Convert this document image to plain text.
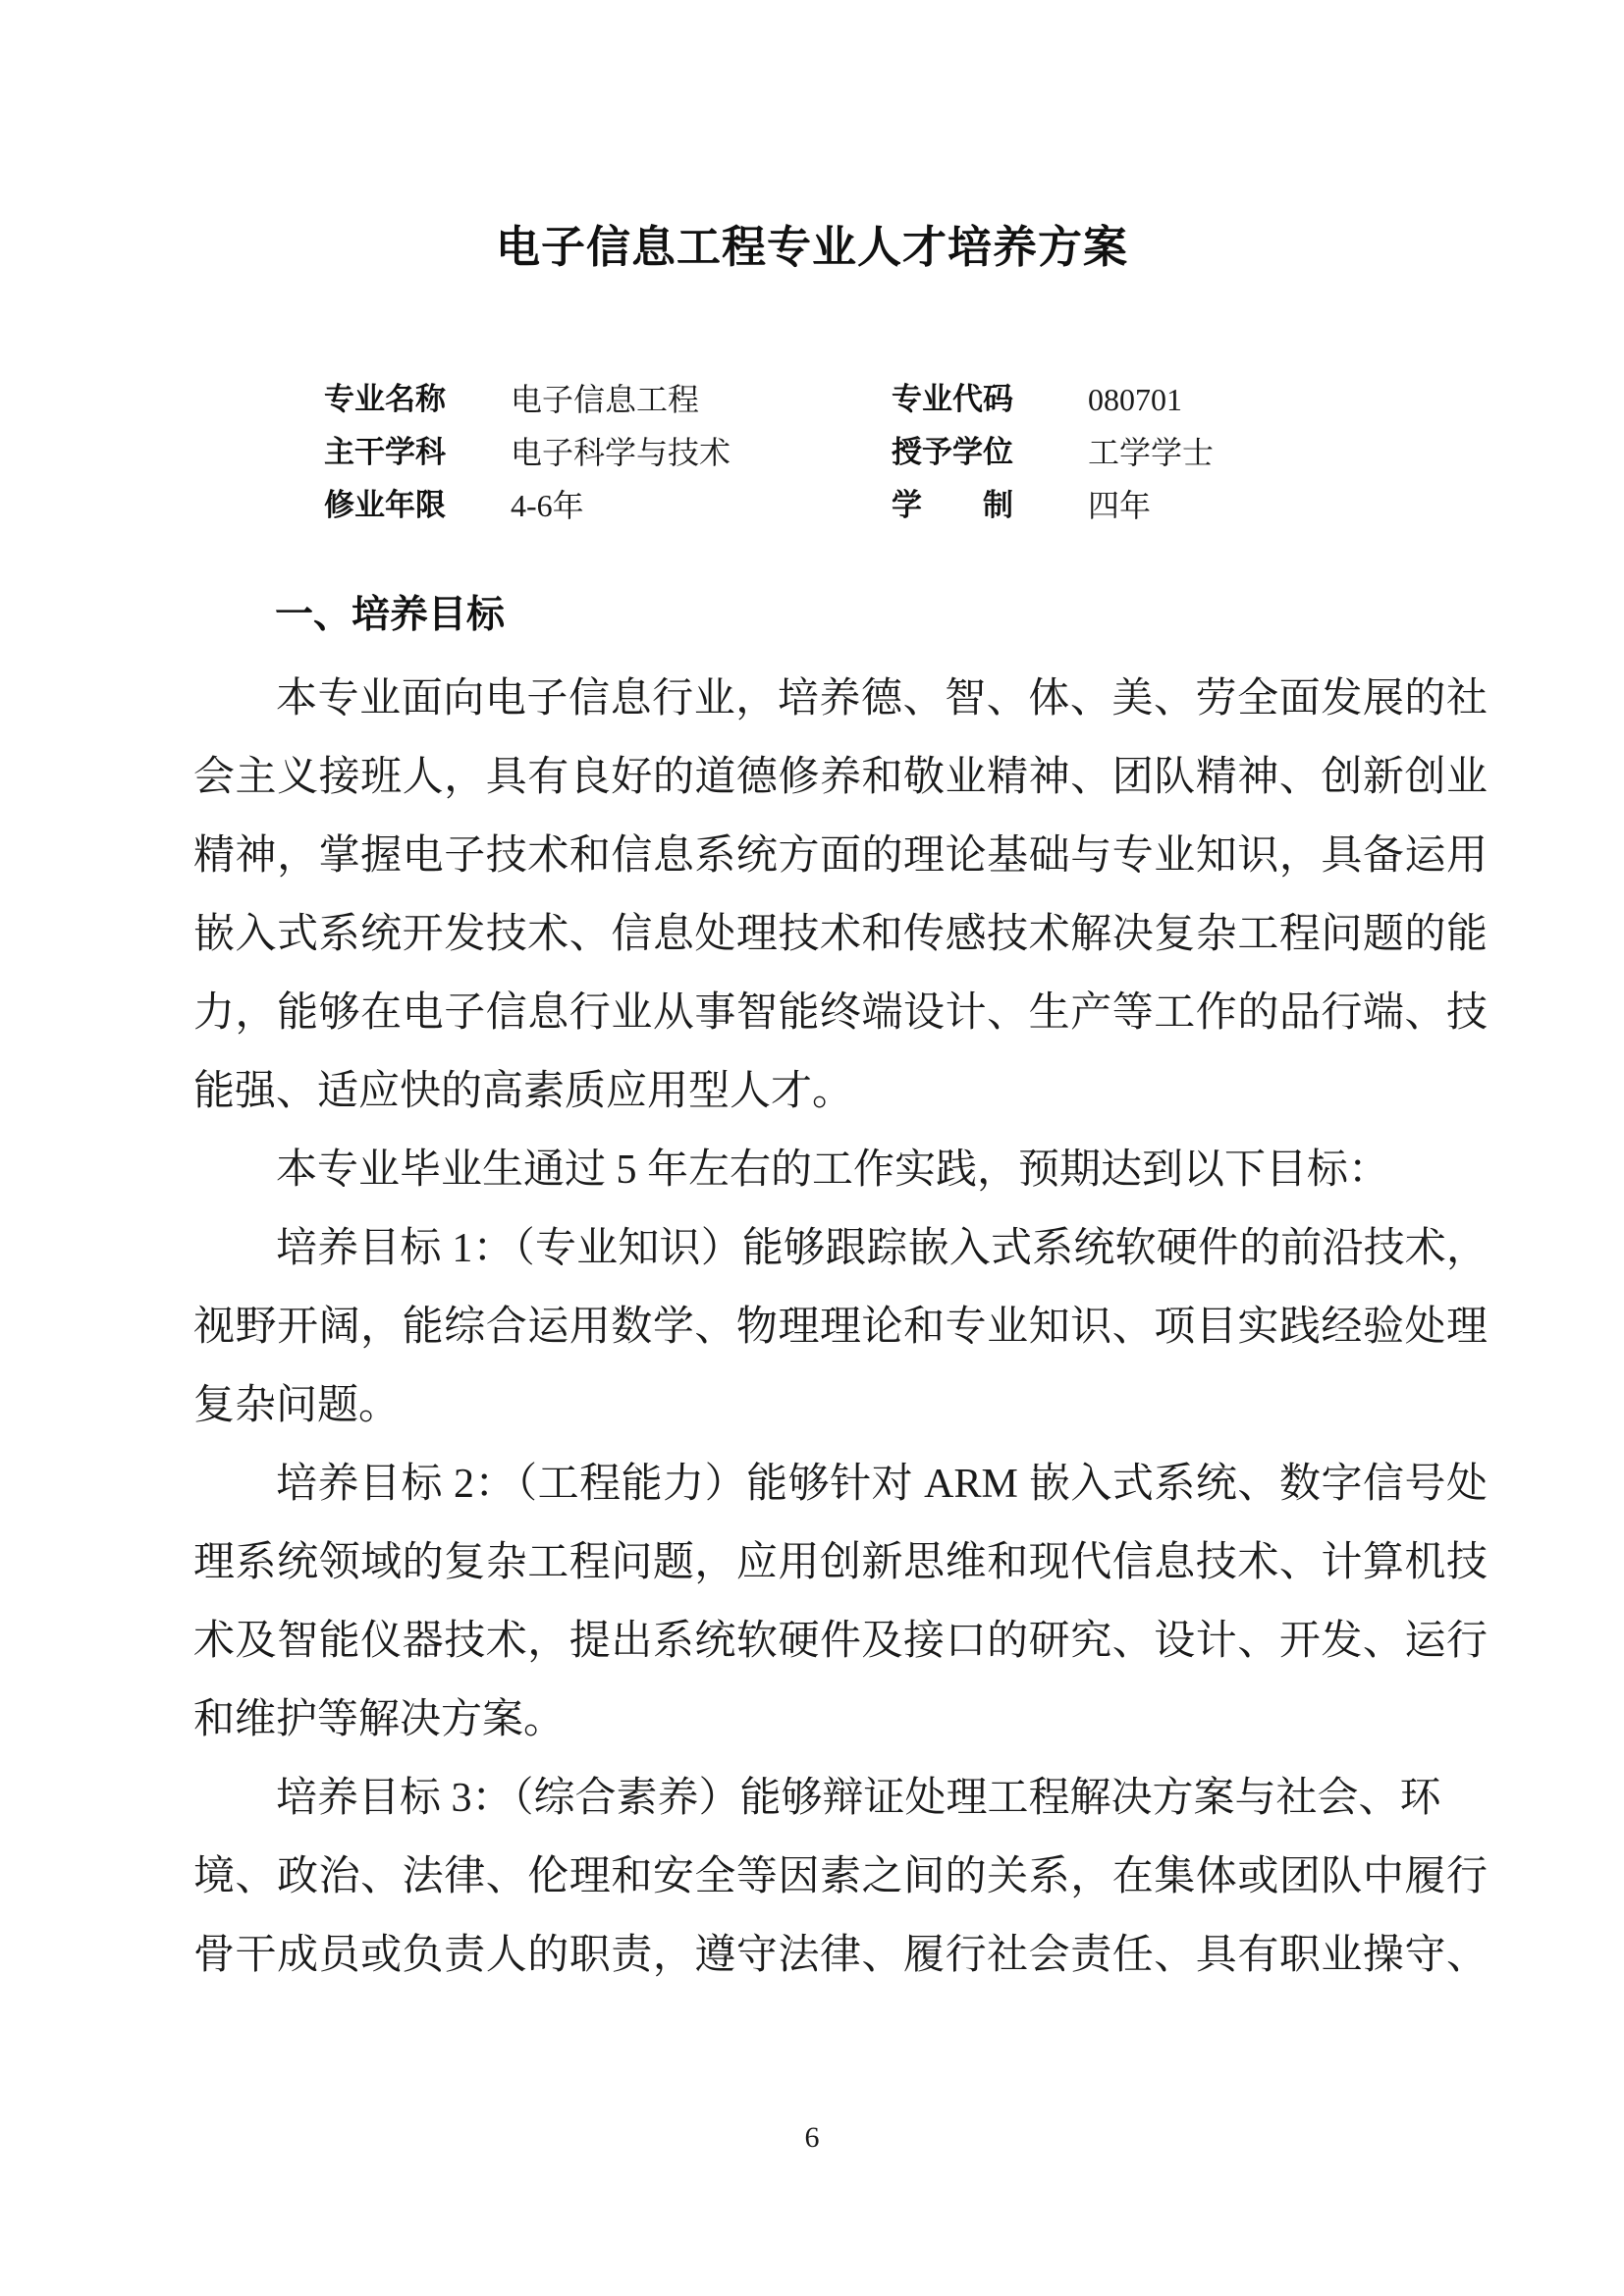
电子信息工程专业人才培养方案
专业名称 电子信息工程	专业代码 080701
主干学科 电子科学与技术	授予学位 工学学士
修业年限 4-6年	学　　制 四年
一、培养目标
本专业面向电子信息行业，培养德、智、体、美、劳全面发展的社
会主义接班人，具有良好的道德修养和敬业精神、团队精神、创新创业
精神，掌握电子技术和信息系统方面的理论基础与专业知识，具备运用
嵌入式系统开发技术、信息处理技术和传感技术解决复杂工程问题的能
力，能够在电子信息行业从事智能终端设计、生产等工作的品行端、技
能强、适应快的高素质应用型人才。
本专业毕业生通过 5 年左右的工作实践，预期达到以下目标：
培养目标 1：（专业知识）能够跟踪嵌入式系统软硬件的前沿技术，
视野开阔，能综合运用数学、物理理论和专业知识、项目实践经验处理
复杂问题。
培养目标 2：（工程能力）能够针对 ARM 嵌入式系统、数字信号处
理系统领域的复杂工程问题，应用创新思维和现代信息技术、计算机技
术及智能仪器技术，提出系统软硬件及接口的研究、设计、开发、运行
和维护等解决方案。
培养目标 3：（综合素养）能够辩证处理工程解决方案与社会、环
境、政治、法律、伦理和安全等因素之间的关系，在集体或团队中履行
骨干成员或负责人的职责，遵守法律、履行社会责任、具有职业操守、
6
